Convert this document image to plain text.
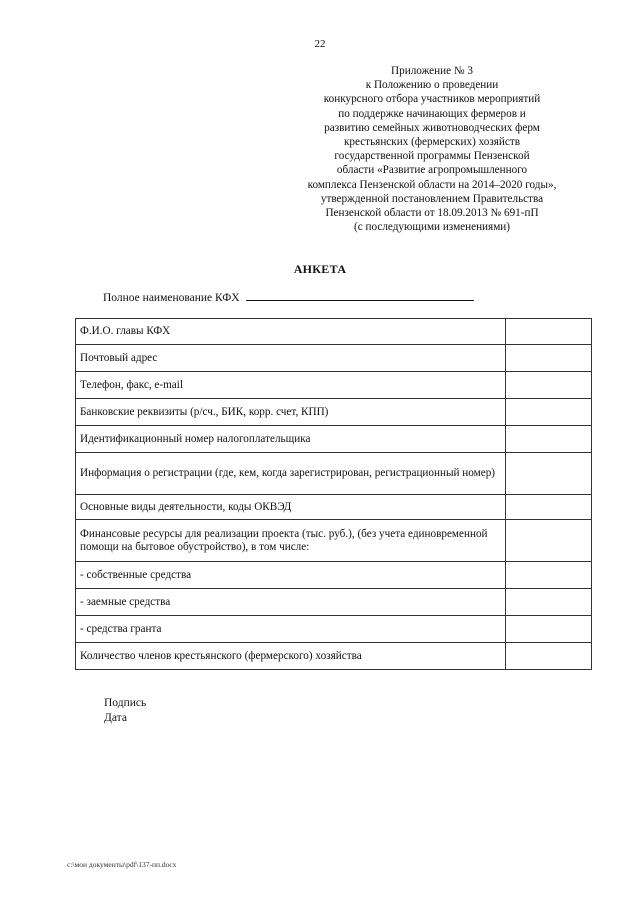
22
Приложение № 3
к Положению о проведении
конкурсного отбора участников мероприятий
по поддержке начинающих фермеров и
развитию семейных животноводческих ферм
крестьянских (фермерских) хозяйств
государственной программы Пензенской
области «Развитие агропромышленного
комплекса Пензенской области на 2014–2020 годы»,
утвержденной постановлением Правительства
Пензенской области от 18.09.2013 № 691-пП
(с последующими изменениями)
АНКЕТА
Полное наименование КФХ
Ф.И.О. главы КФХ	
Почтовый адрес	
Телефон, факс, e-mail	
Банковские реквизиты (р/сч., БИК, корр. счет, КПП)	
Идентификационный номер налогоплательщика	
Информация о регистрации (где, кем, когда зарегистрирован, регистрационный номер)	
Основные виды деятельности, коды ОКВЭД	
Финансовые ресурсы для реализации проекта (тыс. руб.), (без учета единовременной помощи на бытовое обустройство), в том числе:	
- собственные средства	
- заемные средства	
- средства гранта	
Количество членов крестьянского (фермерского) хозяйства	
Подпись
Дата
c:\мои документы\pdf\137-пп.docx
